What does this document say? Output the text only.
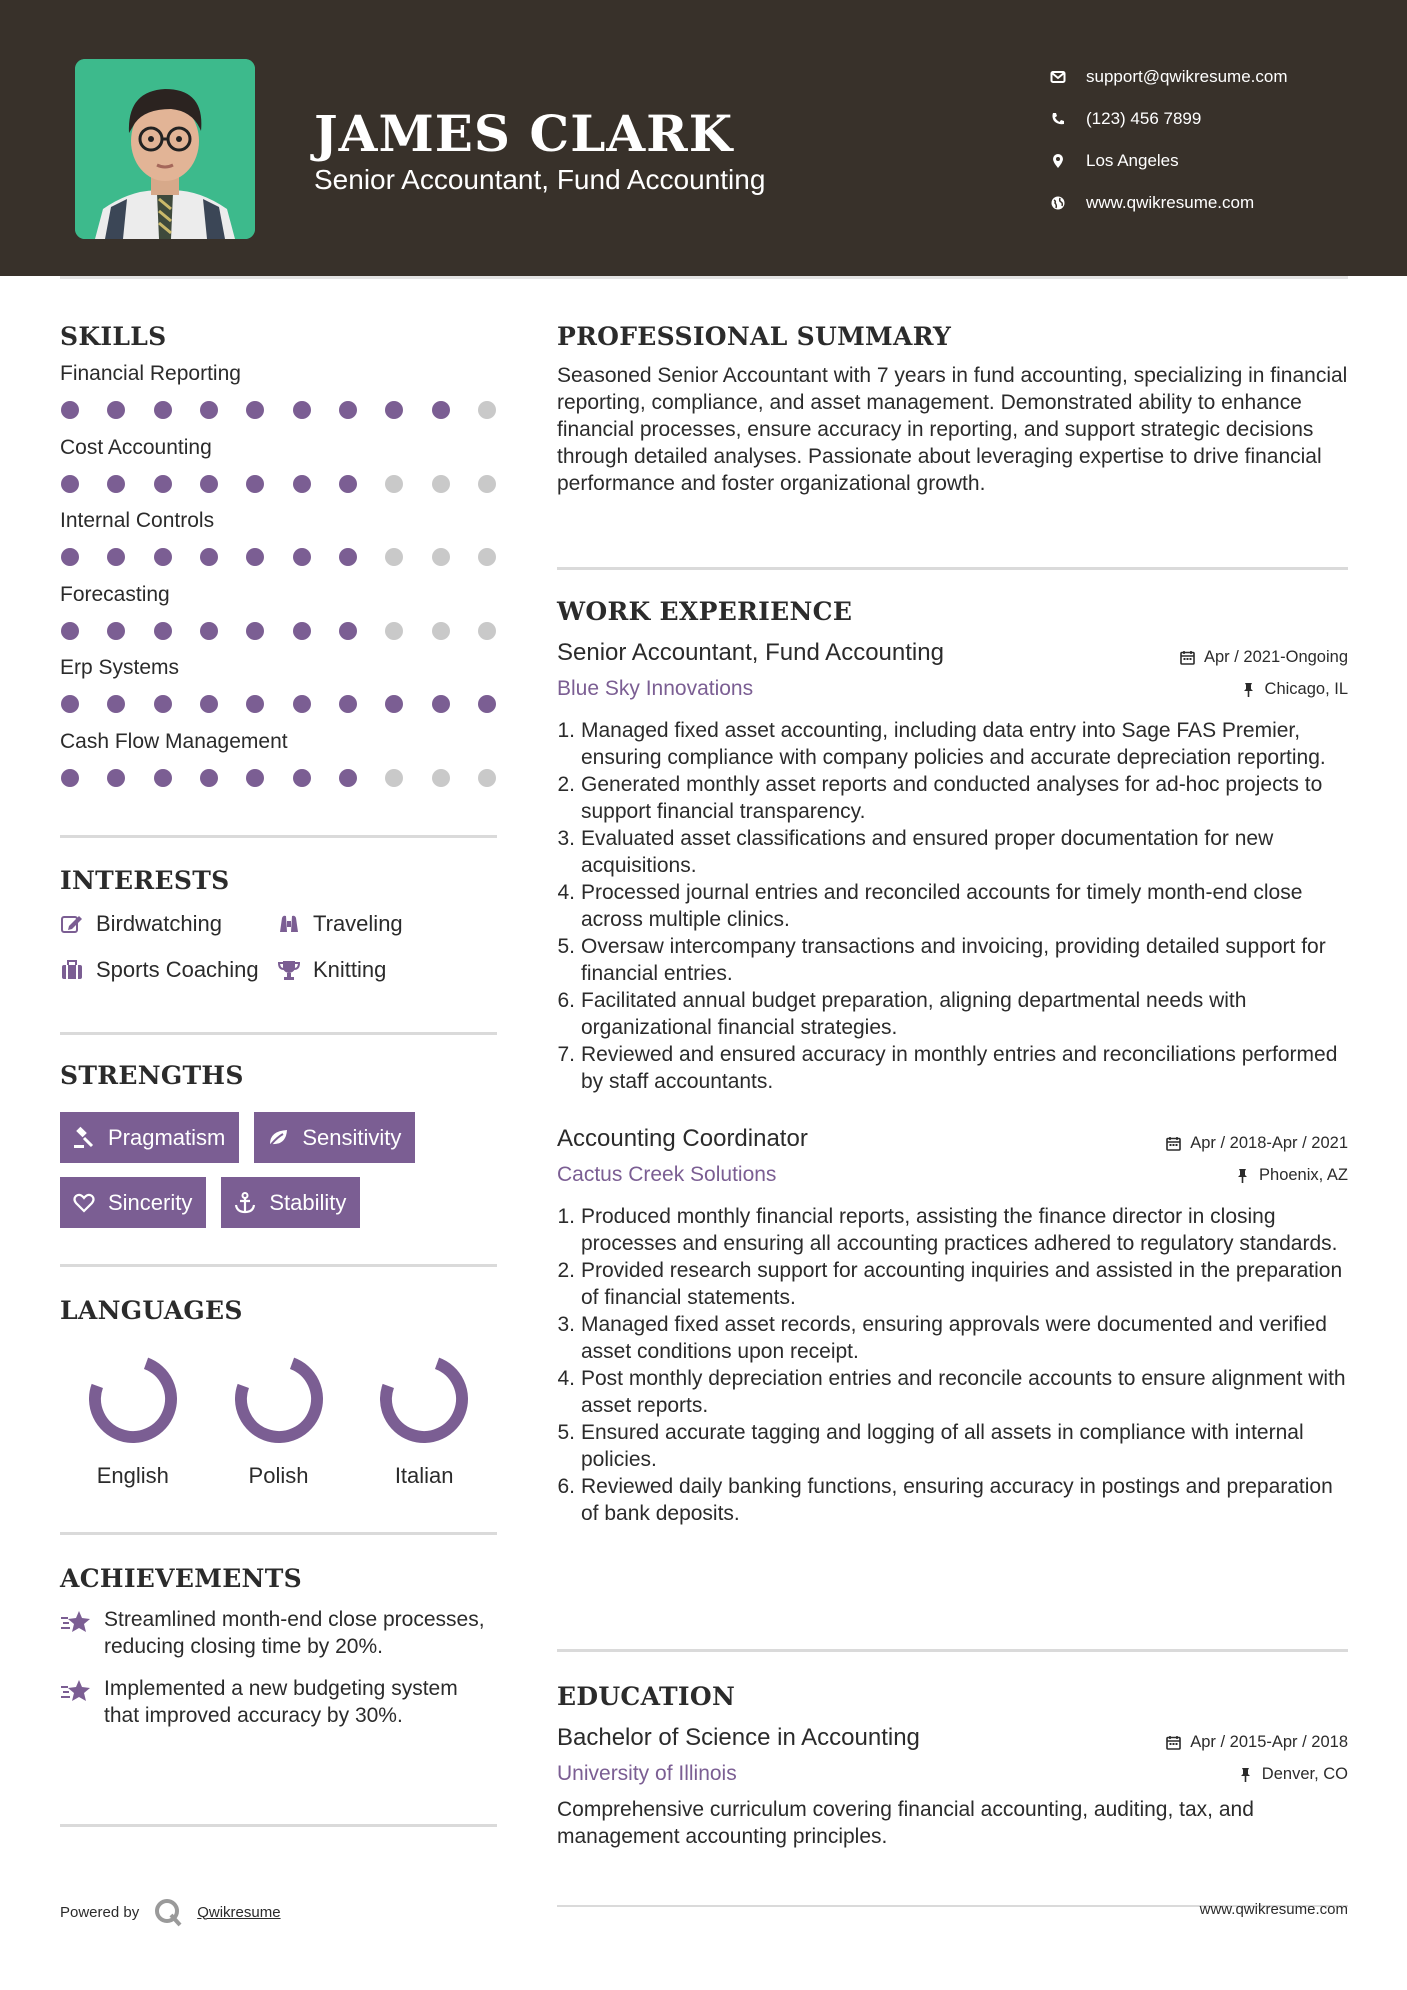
JAMES CLARK
Senior Accountant, Fund Accounting
support@qwikresume.com
(123) 456 7899
Los Angeles
www.qwikresume.com
SKILLS
Financial Reporting
Cost Accounting
Internal Controls
Forecasting
Erp Systems
Cash Flow Management
INTERESTS
Birdwatching	Traveling
Sports Coaching Knitting
STRENGTHS
Pragmatism	Sensitivity
Sincerity	Stability
LANGUAGES
English	Polish	Italian
ACHIEVEMENTS
Streamlined month-end close processes, reducing closing time by 20%.
Implemented a new budgeting system that improved accuracy by 30%.
Powered by	Qwikresume
PROFESSIONAL SUMMARY
Seasoned Senior Accountant with 7 years in fund accounting, specializing in financial reporting, compliance, and asset management. Demonstrated ability to enhance financial processes, ensure accuracy in reporting, and support strategic decisions through detailed analyses. Passionate about leveraging expertise to drive financial performance and foster organizational growth.
WORK EXPERIENCE
Senior Accountant, Fund Accounting	Apr / 2021-Ongoing
Blue Sky Innovations	Chicago, IL
1. Managed fixed asset accounting, including data entry into Sage FAS Premier, ensuring compliance with company policies and accurate depreciation reporting.
2. Generated monthly asset reports and conducted analyses for ad-hoc projects to support financial transparency.
3. Evaluated asset classifications and ensured proper documentation for new acquisitions.
4. Processed journal entries and reconciled accounts for timely month-end close across multiple clinics.
5. Oversaw intercompany transactions and invoicing, providing detailed support for financial entries.
6. Facilitated annual budget preparation, aligning departmental needs with organizational financial strategies.
7. Reviewed and ensured accuracy in monthly entries and reconciliations performed by staff accountants.
Accounting Coordinator	Apr / 2018-Apr / 2021
Cactus Creek Solutions	Phoenix, AZ
1. Produced monthly financial reports, assisting the finance director in closing processes and ensuring all accounting practices adhered to regulatory standards.
2. Provided research support for accounting inquiries and assisted in the preparation of financial statements.
3. Managed fixed asset records, ensuring approvals were documented and verified asset conditions upon receipt.
4. Post monthly depreciation entries and reconcile accounts to ensure alignment with asset reports.
5. Ensured accurate tagging and logging of all assets in compliance with internal policies.
6. Reviewed daily banking functions, ensuring accuracy in postings and preparation of bank deposits.
EDUCATION
Bachelor of Science in Accounting	Apr / 2015-Apr / 2018
University of Illinois	Denver, CO
Comprehensive curriculum covering financial accounting, auditing, tax, and management accounting principles.
www.qwikresume.com
